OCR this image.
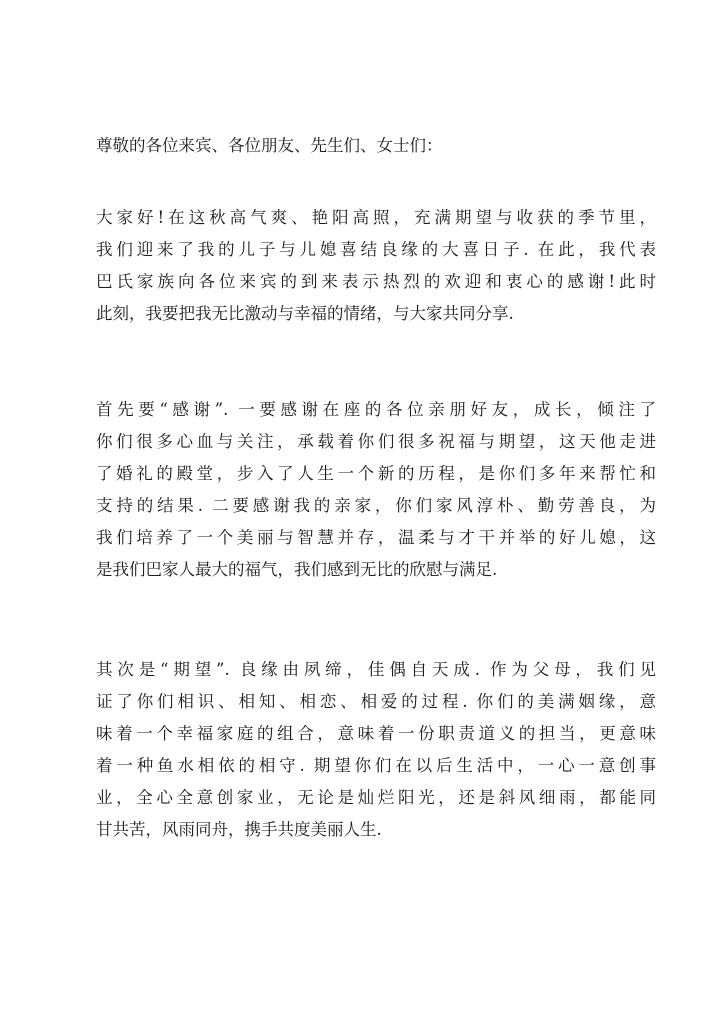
尊敬的各位来宾、各位朋友、先生们、女士们：
大家好!在这秋高气爽、艳阳高照，充满期望与收获的季节里，
我们迎来了我的儿子与儿媳喜结良缘的大喜日子. 在此，我代表
巴氏家族向各位来宾的到来表示热烈的欢迎和衷心的感谢!此时
此刻，我要把我无比激动与幸福的情绪，与大家共同分享.
首先要“感谢”. 一要感谢在座的各位亲朋好友，成长，倾注了
你们很多心血与关注，承载着你们很多祝福与期望，这天他走进
了婚礼的殿堂，步入了人生一个新的历程，是你们多年来帮忙和
支持的结果. 二要感谢我的亲家，你们家风淳朴、勤劳善良，为
我们培养了一个美丽与智慧并存，温柔与才干并举的好儿媳，这
是我们巴家人最大的福气，我们感到无比的欣慰与满足.
其次是“期望”. 良缘由夙缔，佳偶自天成. 作为父母，我们见
证了你们相识、相知、相恋、相爱的过程. 你们的美满姻缘，意
味着一个幸福家庭的组合，意味着一份职责道义的担当，更意味
着一种鱼水相依的相守. 期望你们在以后生活中，一心一意创事
业，全心全意创家业，无论是灿烂阳光，还是斜风细雨，都能同
甘共苦，风雨同舟，携手共度美丽人生.
